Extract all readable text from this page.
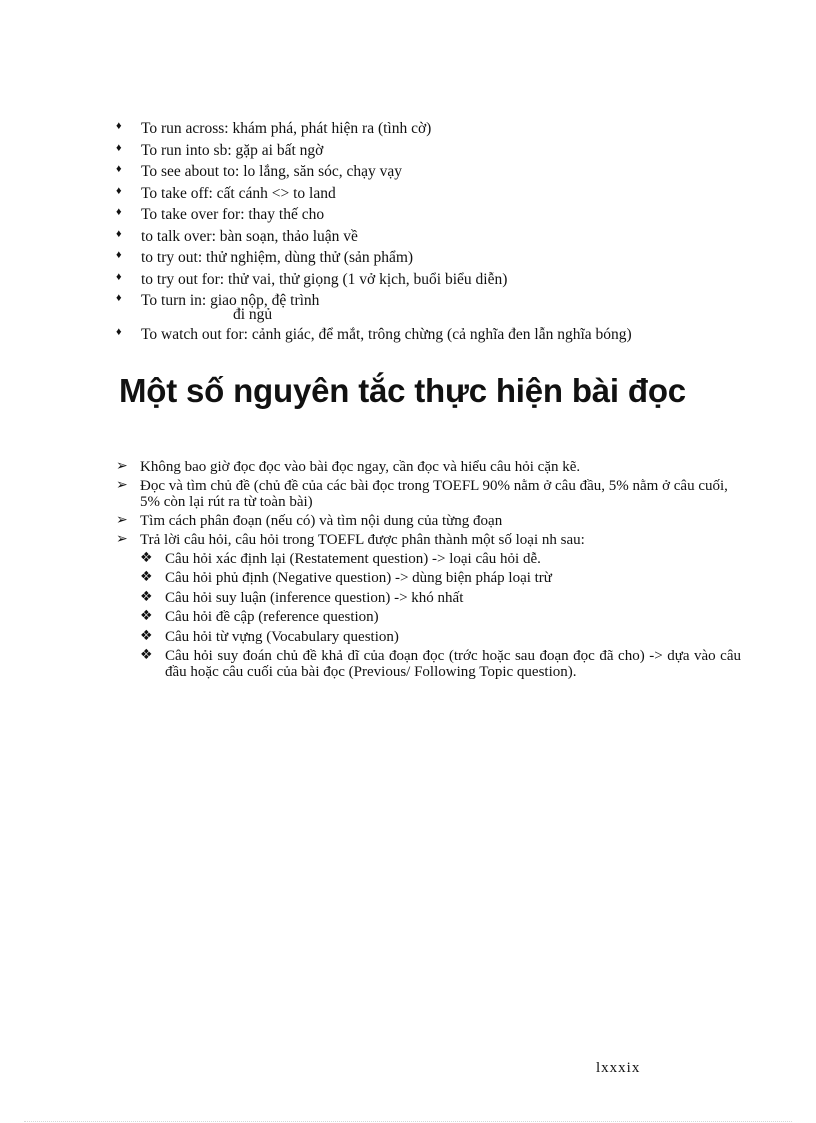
♦ To run across: khám phá, phát hiện ra (tình cờ)
♦ To run into sb: gặp ai bất ngờ
♦ To see about to: lo lắng, săn sóc, chạy vạy
♦ To take off: cất cánh <> to land
♦ To take over for: thay thế cho
♦ to talk over: bàn soạn, thảo luận về
♦ to try out: thử nghiệm, dùng thử (sản phẩm)
♦ to try out for: thử vai, thử giọng (1 vở kịch, buổi biểu diễn)
♦ To turn in: giao nộp, đệ trình
đi ngủ
♦ To watch out for: cảnh giác, để mắt, trông chừng (cả nghĩa đen lẫn nghĩa bóng)
Một số nguyên tắc thực hiện bài đọc
➢ Không bao giờ đọc đọc vào bài đọc ngay, cần đọc và hiểu câu hỏi cặn kẽ.
➢ Đọc và tìm chủ đề (chủ đề của các bài đọc trong TOEFL 90% nằm ở câu đầu, 5% nằm ở câu cuối, 5% còn lại rút ra từ toàn bài)
➢ Tìm cách phân đoạn (nếu có) và tìm nội dung của từng đoạn
➢ Trả lời câu hỏi, câu hỏi trong TOEFL được phân thành một số loại nh sau:
❖ Câu hỏi xác định lại (Restatement question) -> loại câu hỏi dễ.
❖ Câu hỏi phủ định (Negative question) -> dùng biện pháp loại trừ
❖ Câu hỏi suy luận (inference question) -> khó nhất
❖ Câu hỏi đề cập (reference question)
❖ Câu hỏi từ vựng (Vocabulary question)
❖ Câu hỏi suy đoán chủ đề khả dĩ của đoạn đọc (trớc hoặc sau đoạn đọc đã cho) -> dựa vào câu đầu hoặc câu cuối của bài đọc (Previous/ Following Topic question).
lxxxix
